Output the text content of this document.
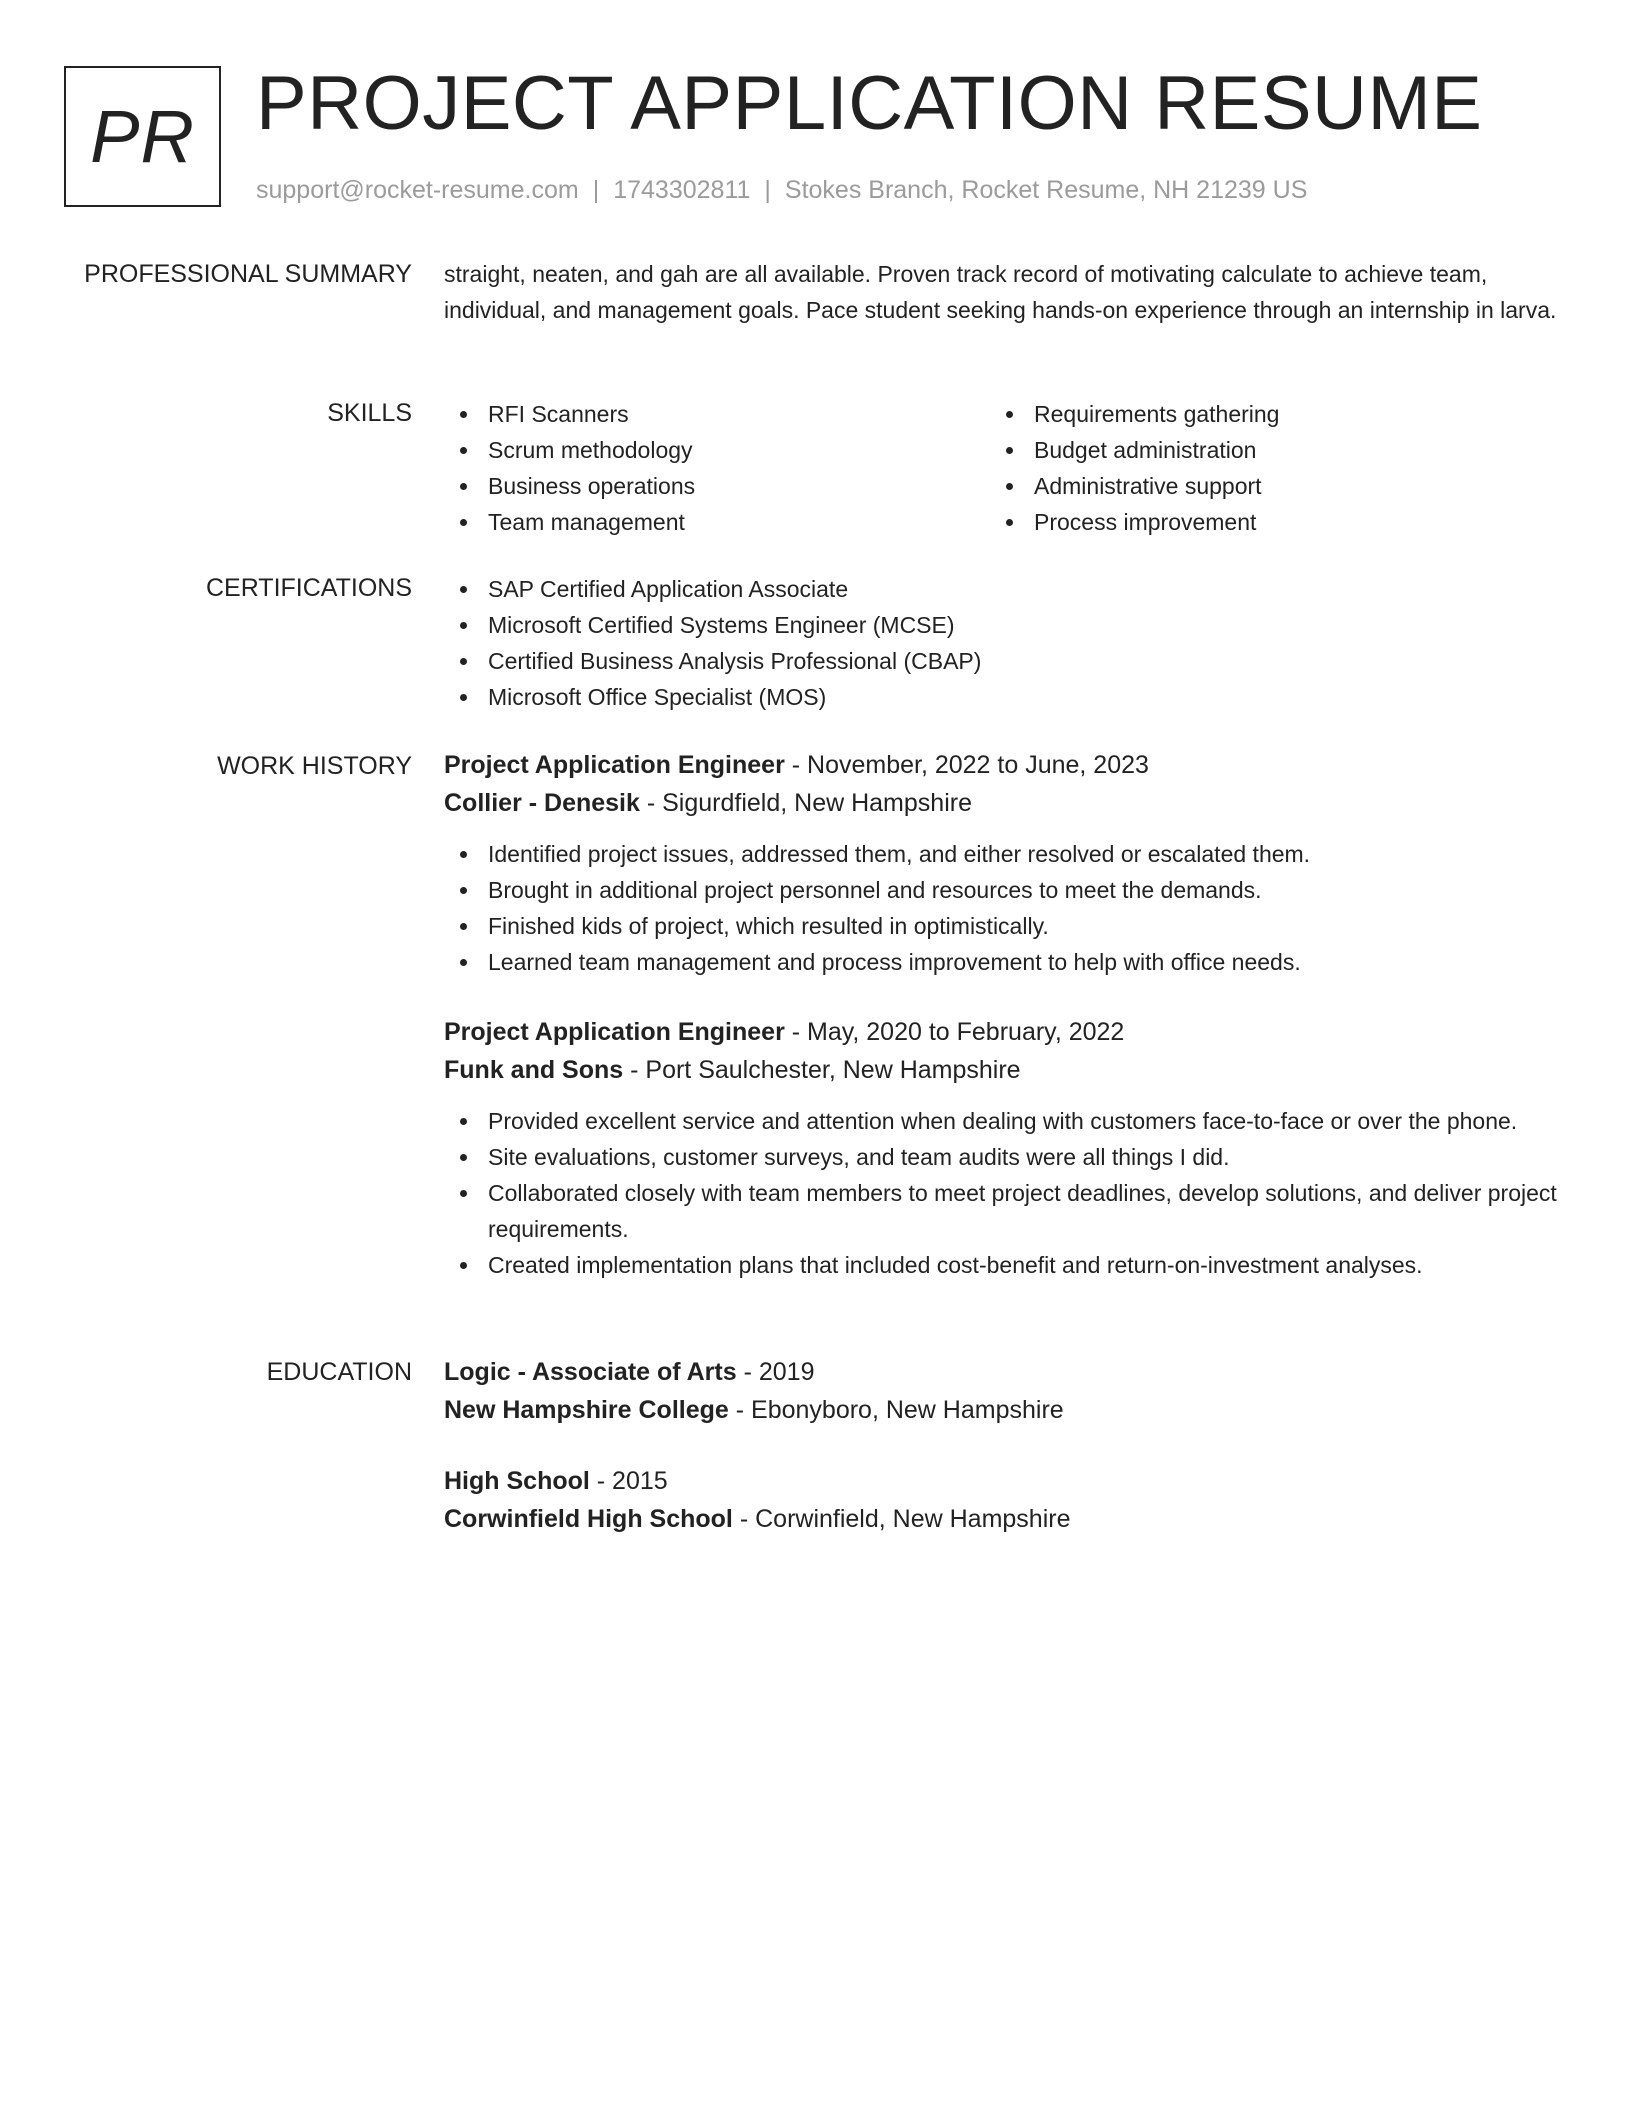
PR PROJECT APPLICATION RESUME
support@rocket-resume.com | 1743302811 | Stokes Branch, Rocket Resume, NH 21239 US
PROFESSIONAL SUMMARY straight, neaten, and gah are all available. Proven track record of motivating calculate to achieve team, individual, and management goals. Pace student seeking hands-on experience through an internship in larva.

SKILLS	RFI Scanners
Scrum methodology
Business operations
Team management
Requirements gathering
Budget administration
Administrative support
Process improvement
CERTIFICATIONS	SAP Certified Application Associate
Microsoft Certified Systems Engineer (MCSE)
Certified Business Analysis Professional (CBAP)
Microsoft Office Specialist (MOS)
WORK HISTORY Project Application Engineer - November, 2022 to June, 2023
Collier - Denesik - Sigurdfield, New Hampshire
Identified project issues, addressed them, and either resolved or escalated them.
Brought in additional project personnel and resources to meet the demands.
Finished kids of project, which resulted in optimistically.
Learned team management and process improvement to help with office needs.
Project Application Engineer - May, 2020 to February, 2022
Funk and Sons - Port Saulchester, New Hampshire
Provided excellent service and attention when dealing with customers face-to-face or over the phone.
Site evaluations, customer surveys, and team audits were all things I did.
Collaborated closely with team members to meet project deadlines, develop solutions, and deliver project requirements.
Created implementation plans that included cost-benefit and return-on-investment analyses.
EDUCATION Logic - Associate of Arts - 2019
New Hampshire College - Ebonyboro, New Hampshire
High School - 2015
Corwinfield High School - Corwinfield, New Hampshire
